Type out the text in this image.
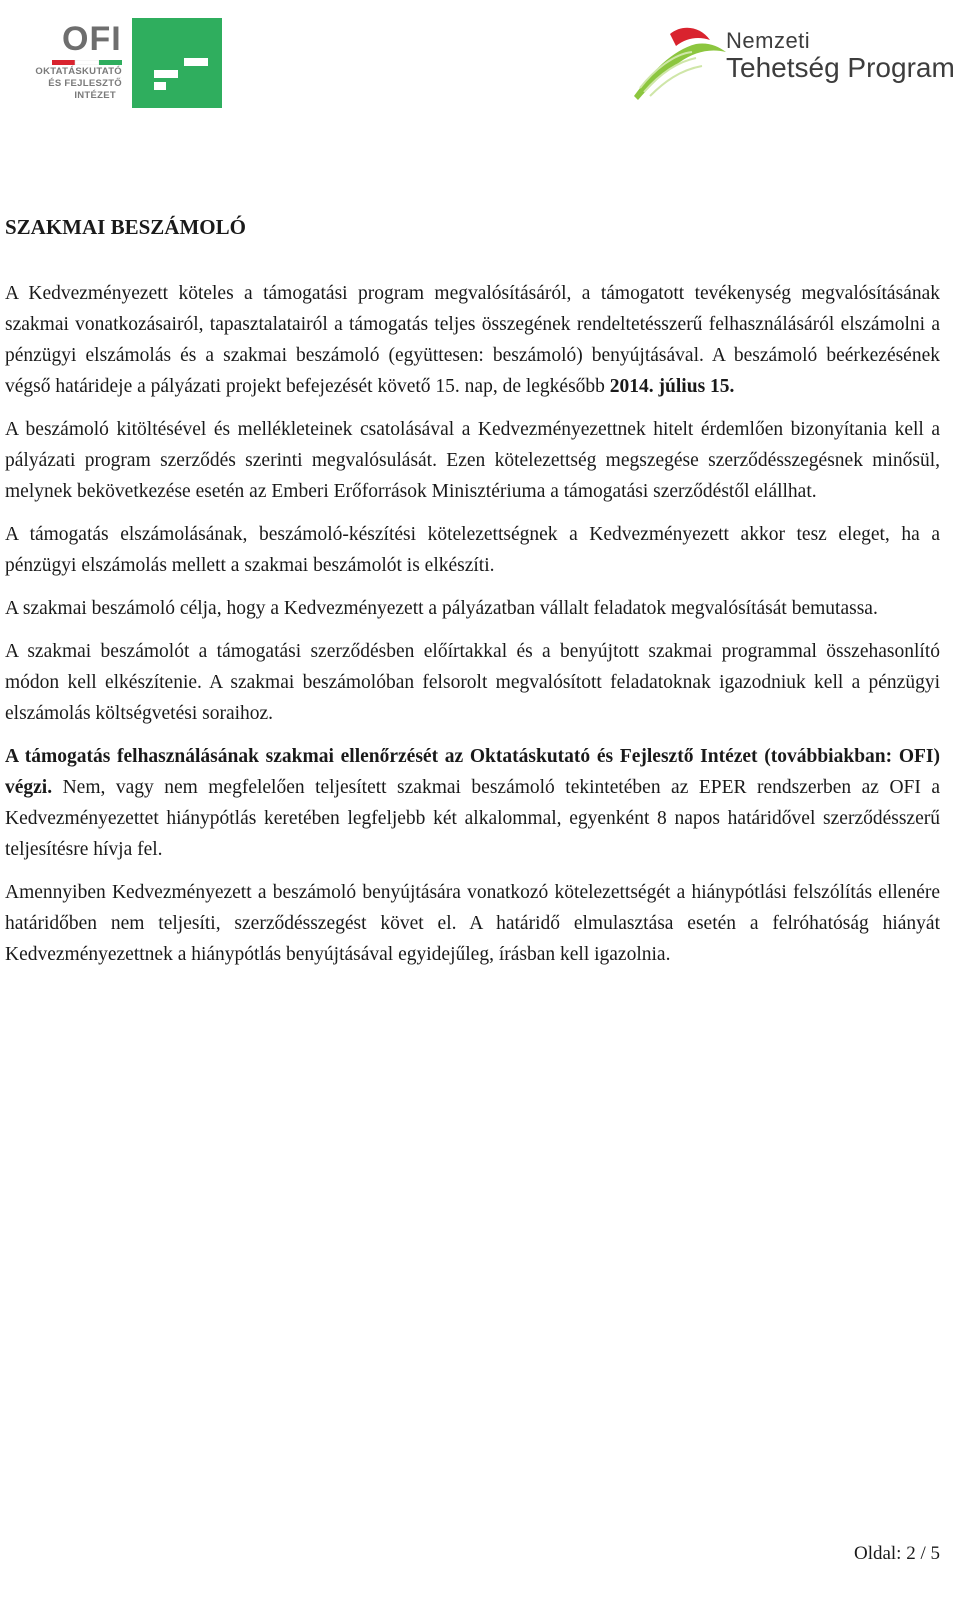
OFI
OKTATÁSKUTATÓ
ÉS FEJLESZTŐ
INTÉZET
Nemzeti
Tehetség Program
SZAKMAI BESZÁMOLÓ

A Kedvezményezett köteles a támogatási program megvalósításáról, a támogatott tevékenység megvalósításának szakmai vonatkozásairól, tapasztalatairól a támogatás teljes összegének rendeltetésszerű felhasználásáról elszámolni a pénzügyi elszámolás és a szakmai beszámoló (együttesen: beszámoló) benyújtásával. A beszámoló beérkezésének végső határideje a pályázati projekt befejezését követő 15. nap, de legkésőbb 2014. július 15.

A beszámoló kitöltésével és mellékleteinek csatolásával a Kedvezményezettnek hitelt érdemlően bizonyítania kell a pályázati program szerződés szerinti megvalósulását. Ezen kötelezettség megszegése szerződésszegésnek minősül, melynek bekövetkezése esetén az Emberi Erőforrások Minisztériuma a támogatási szerződéstől elállhat.

A támogatás elszámolásának, beszámoló-készítési kötelezettségnek a Kedvezményezett akkor tesz eleget, ha a pénzügyi elszámolás mellett a szakmai beszámolót is elkészíti.

A szakmai beszámoló célja, hogy a Kedvezményezett a pályázatban vállalt feladatok megvalósítását bemutassa.

A szakmai beszámolót a támogatási szerződésben előírtakkal és a benyújtott szakmai programmal összehasonlító módon kell elkészítenie. A szakmai beszámolóban felsorolt megvalósított feladatoknak igazodniuk kell a pénzügyi elszámolás költségvetési soraihoz.

A támogatás felhasználásának szakmai ellenőrzését az Oktatáskutató és Fejlesztő Intézet (továbbiakban: OFI) végzi. Nem, vagy nem megfelelően teljesített szakmai beszámoló tekintetében az EPER rendszerben az OFI a Kedvezményezettet hiánypótlás keretében legfeljebb két alkalommal, egyenként 8 napos határidővel szerződésszerű teljesítésre hívja fel.

Amennyiben Kedvezményezett a beszámoló benyújtására vonatkozó kötelezettségét a hiánypótlási felszólítás ellenére határidőben nem teljesíti, szerződésszegést követ el. A határidő elmulasztása esetén a felróhatóság hiányát Kedvezményezettnek a hiánypótlás benyújtásával egyidejűleg, írásban kell igazolnia.

Oldal: 2 / 5
